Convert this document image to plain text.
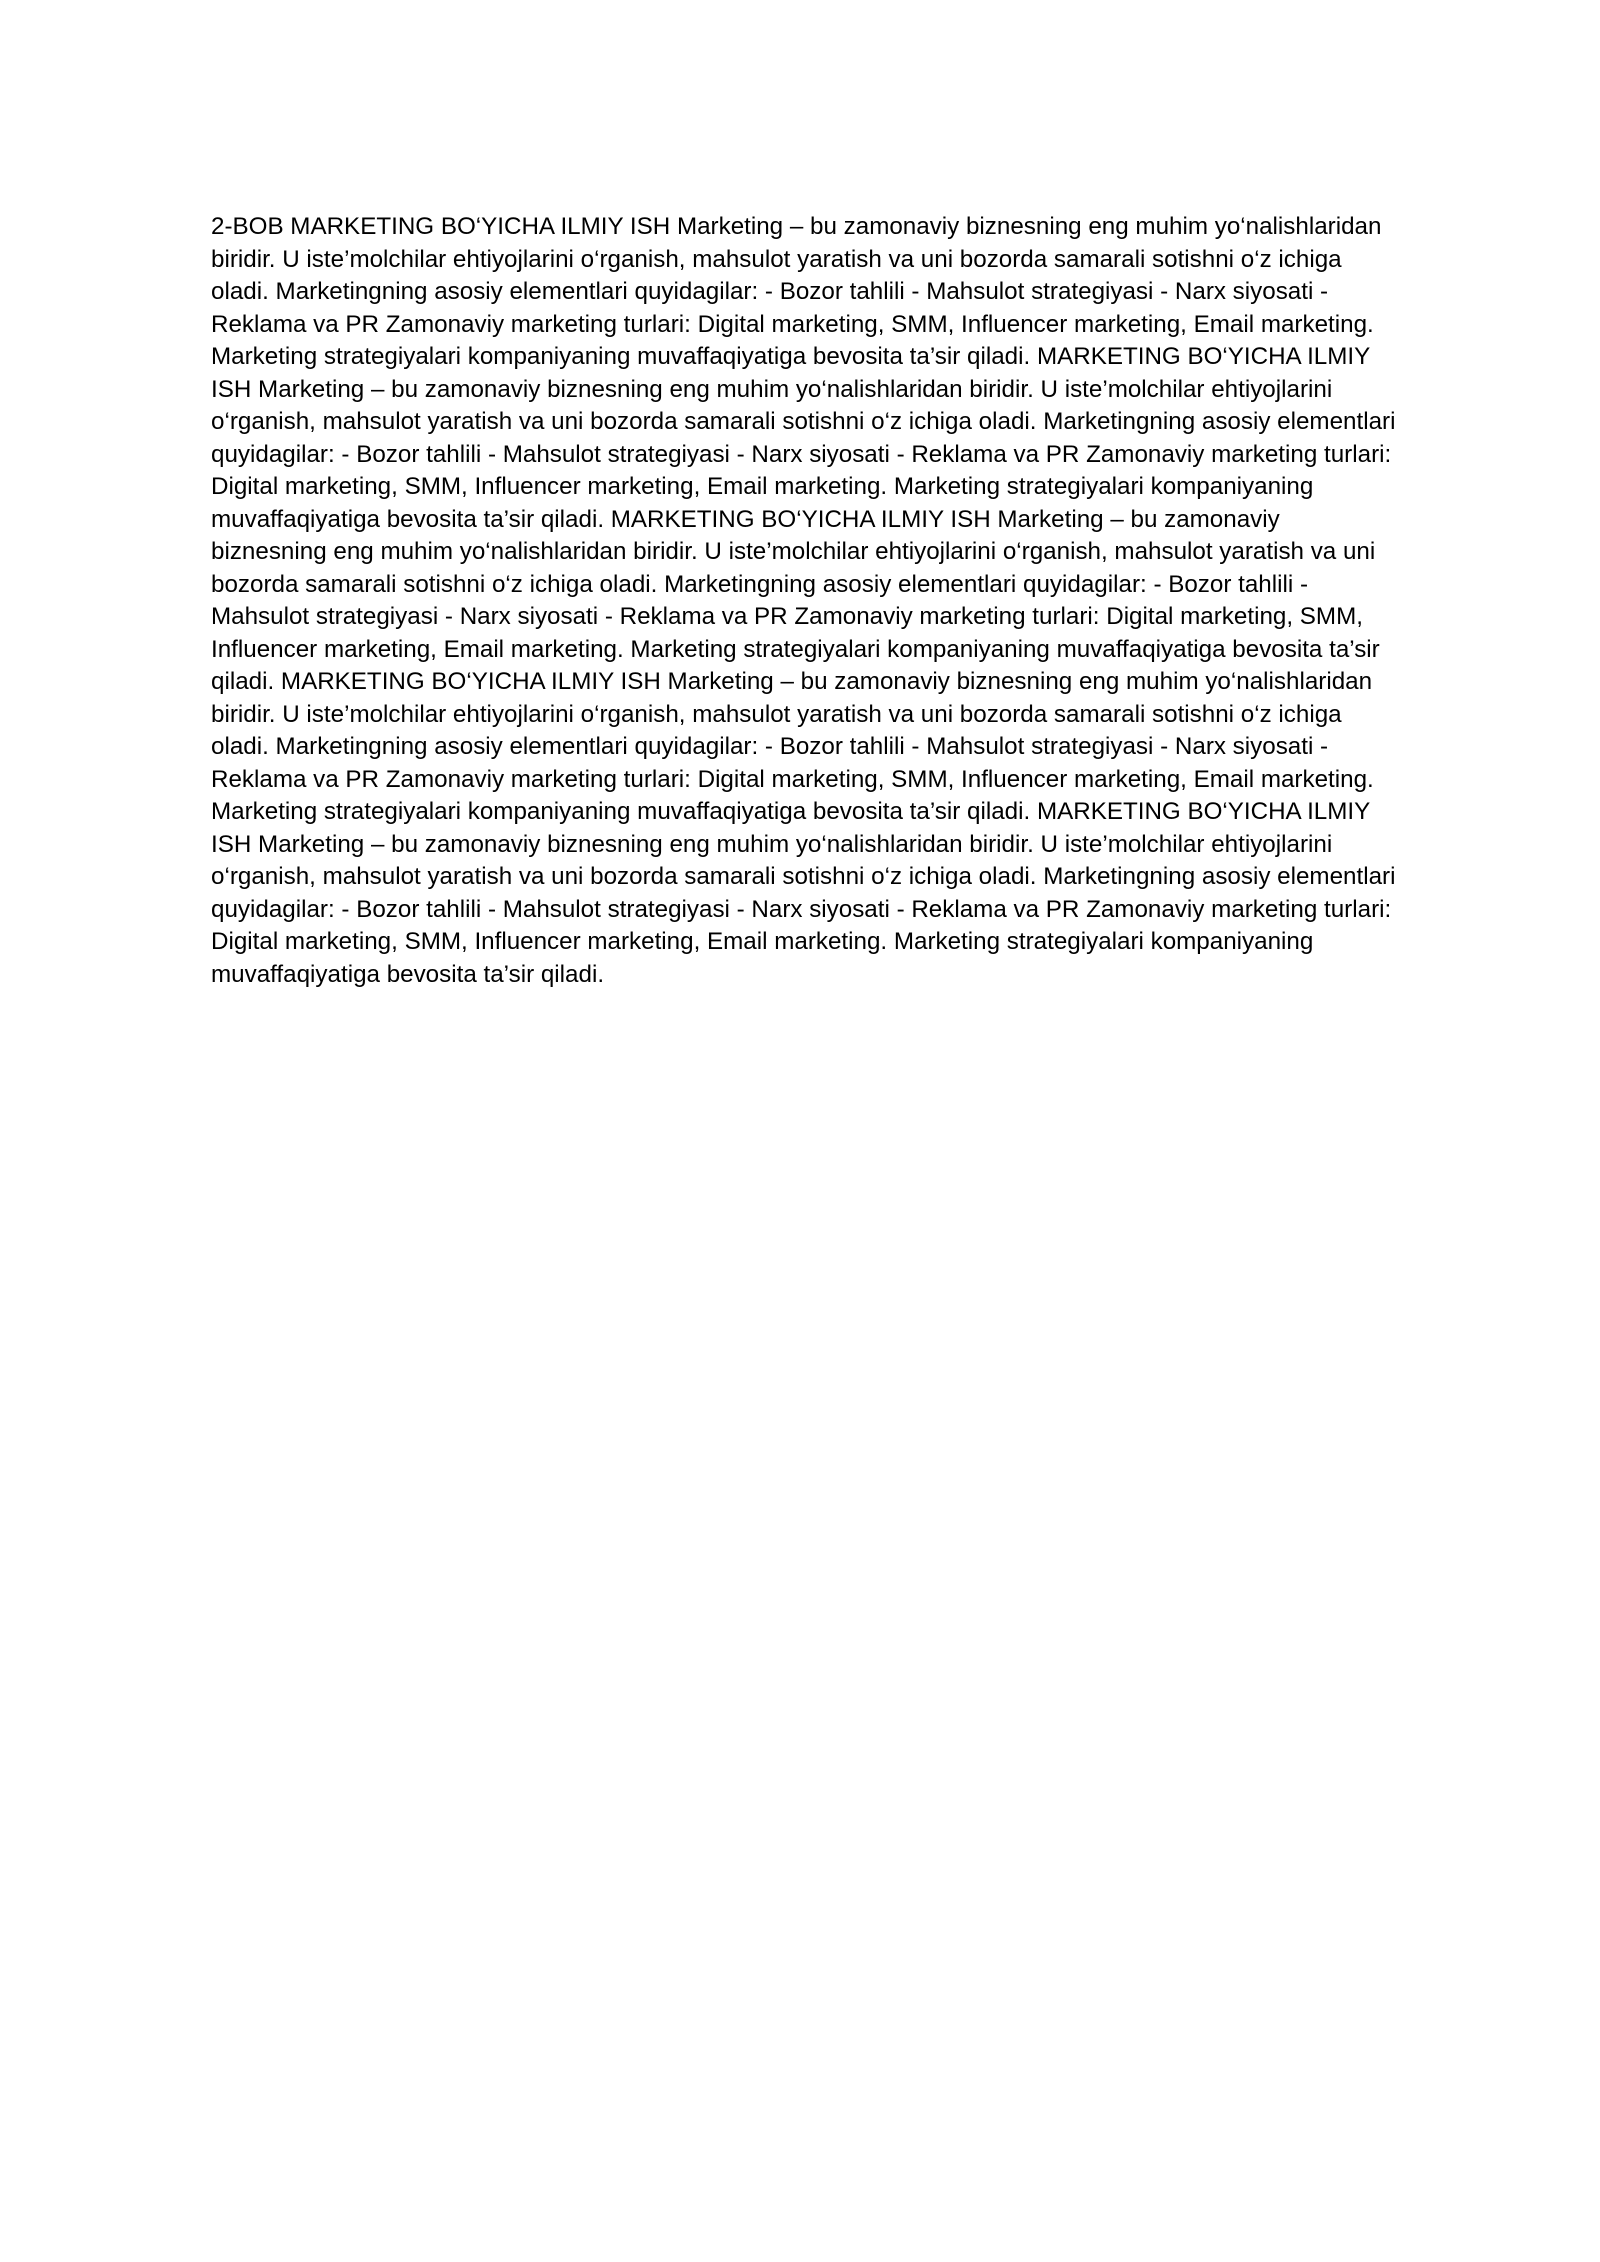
2-BOB MARKETING BO‘YICHA ILMIY ISH Marketing – bu zamonaviy biznesning eng muhim yo‘nalishlaridan biridir. U iste’molchilar ehtiyojlarini o‘rganish, mahsulot yaratish va uni bozorda samarali sotishni o‘z ichiga oladi. Marketingning asosiy elementlari quyidagilar: - Bozor tahlili - Mahsulot strategiyasi - Narx siyosati - Reklama va PR Zamonaviy marketing turlari: Digital marketing, SMM, Influencer marketing, Email marketing. Marketing strategiyalari kompaniyaning muvaffaqiyatiga bevosita ta’sir qiladi. MARKETING BO‘YICHA ILMIY ISH Marketing – bu zamonaviy biznesning eng muhim yo‘nalishlaridan biridir. U iste’molchilar ehtiyojlarini o‘rganish, mahsulot yaratish va uni bozorda samarali sotishni o‘z ichiga oladi. Marketingning asosiy elementlari quyidagilar: - Bozor tahlili - Mahsulot strategiyasi - Narx siyosati - Reklama va PR Zamonaviy marketing turlari: Digital marketing, SMM, Influencer marketing, Email marketing. Marketing strategiyalari kompaniyaning muvaffaqiyatiga bevosita ta’sir qiladi. MARKETING BO‘YICHA ILMIY ISH Marketing – bu zamonaviy biznesning eng muhim yo‘nalishlaridan biridir. U iste’molchilar ehtiyojlarini o‘rganish, mahsulot yaratish va uni bozorda samarali sotishni o‘z ichiga oladi. Marketingning asosiy elementlari quyidagilar: - Bozor tahlili - Mahsulot strategiyasi - Narx siyosati - Reklama va PR Zamonaviy marketing turlari: Digital marketing, SMM, Influencer marketing, Email marketing. Marketing strategiyalari kompaniyaning muvaffaqiyatiga bevosita ta’sir qiladi. MARKETING BO‘YICHA ILMIY ISH Marketing – bu zamonaviy biznesning eng muhim yo‘nalishlaridan biridir. U iste’molchilar ehtiyojlarini o‘rganish, mahsulot yaratish va uni bozorda samarali sotishni o‘z ichiga oladi. Marketingning asosiy elementlari quyidagilar: - Bozor tahlili - Mahsulot strategiyasi - Narx siyosati - Reklama va PR Zamonaviy marketing turlari: Digital marketing, SMM, Influencer marketing, Email marketing. Marketing strategiyalari kompaniyaning muvaffaqiyatiga bevosita ta’sir qiladi. MARKETING BO‘YICHA ILMIY ISH Marketing – bu zamonaviy biznesning eng muhim yo‘nalishlaridan biridir. U iste’molchilar ehtiyojlarini o‘rganish, mahsulot yaratish va uni bozorda samarali sotishni o‘z ichiga oladi. Marketingning asosiy elementlari quyidagilar: - Bozor tahlili - Mahsulot strategiyasi - Narx siyosati - Reklama va PR Zamonaviy marketing turlari: Digital marketing, SMM, Influencer marketing, Email marketing. Marketing strategiyalari kompaniyaning muvaffaqiyatiga bevosita ta’sir qiladi.
